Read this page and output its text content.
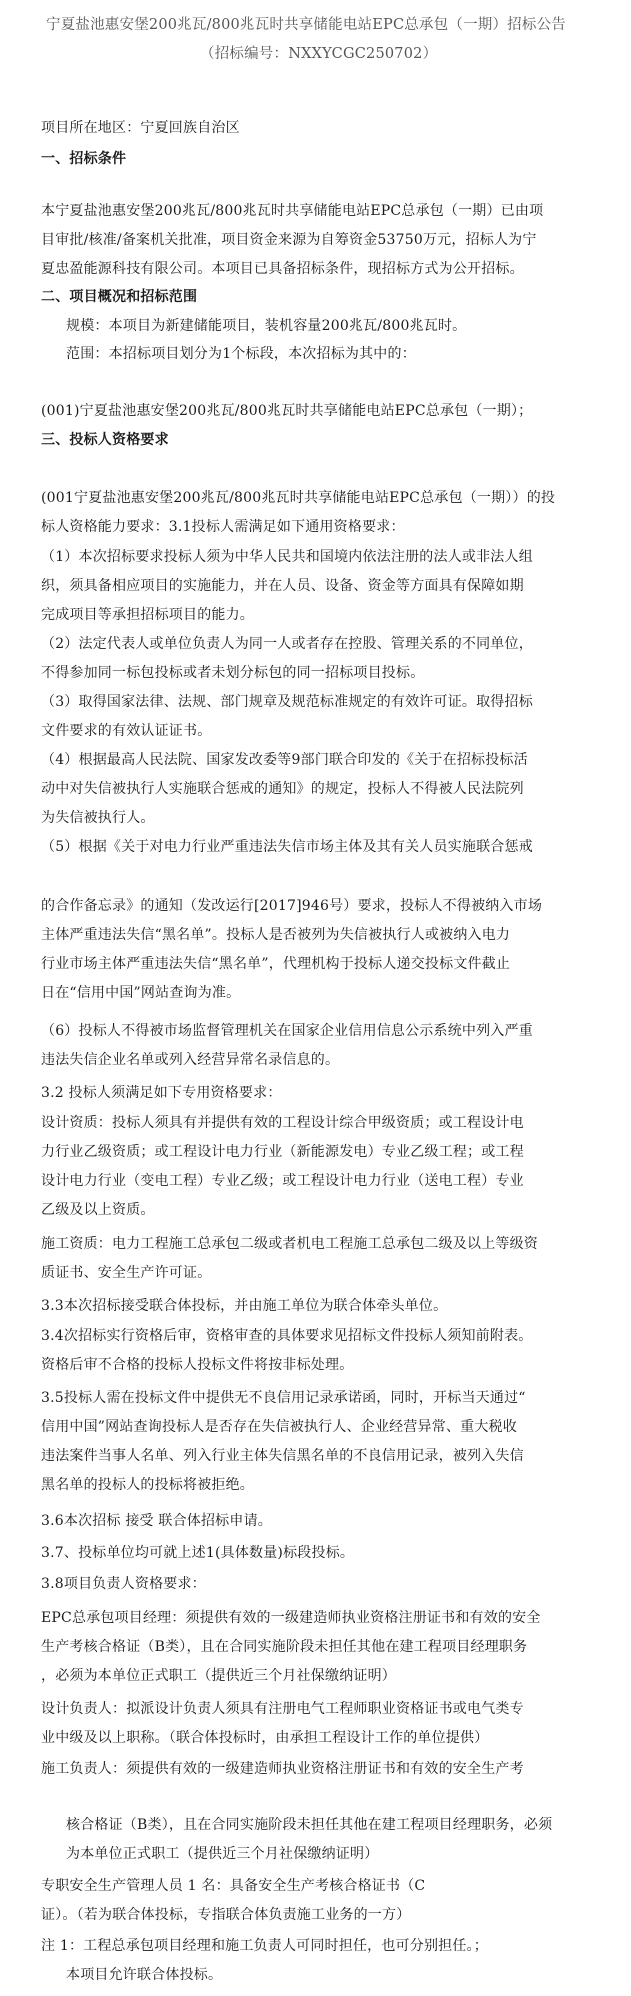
宁夏盐池惠安堡200兆瓦/800兆瓦时共享储能电站EPC总承包（一期）招标公告
（招标编号：NXXYCGC250702）
项目所在地区：宁夏回族自治区
一、招标条件
本宁夏盐池惠安堡200兆瓦/800兆瓦时共享储能电站EPC总承包（一期）已由项
目审批/核准/备案机关批准，项目资金来源为自筹资金53750万元，招标人为宁
夏忠盈能源科技有限公司。本项目已具备招标条件，现招标方式为公开招标。
二、项目概况和招标范围
规模：本项目为新建储能项目，装机容量200兆瓦/800兆瓦时。
范围：本招标项目划分为1个标段，本次招标为其中的：
(001)宁夏盐池惠安堡200兆瓦/800兆瓦时共享储能电站EPC总承包（一期）；
三、投标人资格要求
(001宁夏盐池惠安堡200兆瓦/800兆瓦时共享储能电站EPC总承包（一期））的投
标人资格能力要求：3.1投标人需满足如下通用资格要求：
（1）本次招标要求投标人须为中华人民共和国境内依法注册的法人或非法人组
织，须具备相应项目的实施能力，并在人员、设备、资金等方面具有保障如期
完成项目等承担招标项目的能力。
（2）法定代表人或单位负责人为同一人或者存在控股、管理关系的不同单位，
不得参加同一标包投标或者未划分标包的同一招标项目投标。
（3）取得国家法律、法规、部门规章及规范标准规定的有效许可证。取得招标
文件要求的有效认证证书。
（4）根据最高人民法院、国家发改委等9部门联合印发的《关于在招标投标活
动中对失信被执行人实施联合惩戒的通知》的规定，投标人不得被人民法院列
为失信被执行人。
（5）根据《关于对电力行业严重违法失信市场主体及其有关人员实施联合惩戒
的合作备忘录》的通知（发改运行[2017]946号）要求，投标人不得被纳入市场
主体严重违法失信“黑名单”。投标人是否被列为失信被执行人或被纳入电力
行业市场主体严重违法失信“黑名单”，代理机构于投标人递交投标文件截止
日在“信用中国”网站查询为准。
（6）投标人不得被市场监督管理机关在国家企业信用信息公示系统中列入严重
违法失信企业名单或列入经营异常名录信息的。
3.2 投标人须满足如下专用资格要求：
设计资质：投标人须具有并提供有效的工程设计综合甲级资质；或工程设计电
力行业乙级资质；或工程设计电力行业（新能源发电）专业乙级工程；或工程
设计电力行业（变电工程）专业乙级；或工程设计电力行业（送电工程）专业
乙级及以上资质。
施工资质：电力工程施工总承包二级或者机电工程施工总承包二级及以上等级资
质证书、安全生产许可证。
3.3本次招标接受联合体投标，并由施工单位为联合体牵头单位。
3.4次招标实行资格后审，资格审查的具体要求见招标文件投标人须知前附表。
资格后审不合格的投标人投标文件将按非标处理。
3.5投标人需在投标文件中提供无不良信用记录承诺函，同时，开标当天通过“
信用中国”网站查询投标人是否存在失信被执行人、企业经营异常、重大税收
违法案件当事人名单、列入行业主体失信黑名单的不良信用记录，被列入失信
黑名单的投标人的投标将被拒绝。
3.6本次招标 接受 联合体招标申请。
3.7、投标单位均可就上述1(具体数量)标段投标。
3.8项目负责人资格要求：
EPC总承包项目经理：须提供有效的一级建造师执业资格注册证书和有效的安全
生产考核合格证（B类），且在合同实施阶段未担任其他在建工程项目经理职务
，必须为本单位正式职工（提供近三个月社保缴纳证明）
设计负责人：拟派设计负责人须具有注册电气工程师职业资格证书或电气类专
业中级及以上职称。（联合体投标时，由承担工程设计工作的单位提供）
施工负责人：须提供有效的一级建造师执业资格注册证书和有效的安全生产考
核合格证（B类），且在合同实施阶段未担任其他在建工程项目经理职务，必须
为本单位正式职工（提供近三个月社保缴纳证明）
专职安全生产管理人员 1 名：具备安全生产考核合格证书（C
证）。（若为联合体投标，专指联合体负责施工业务的一方）
注 1：工程总承包项目经理和施工负责人可同时担任，也可分别担任。；
本项目允许联合体投标。
